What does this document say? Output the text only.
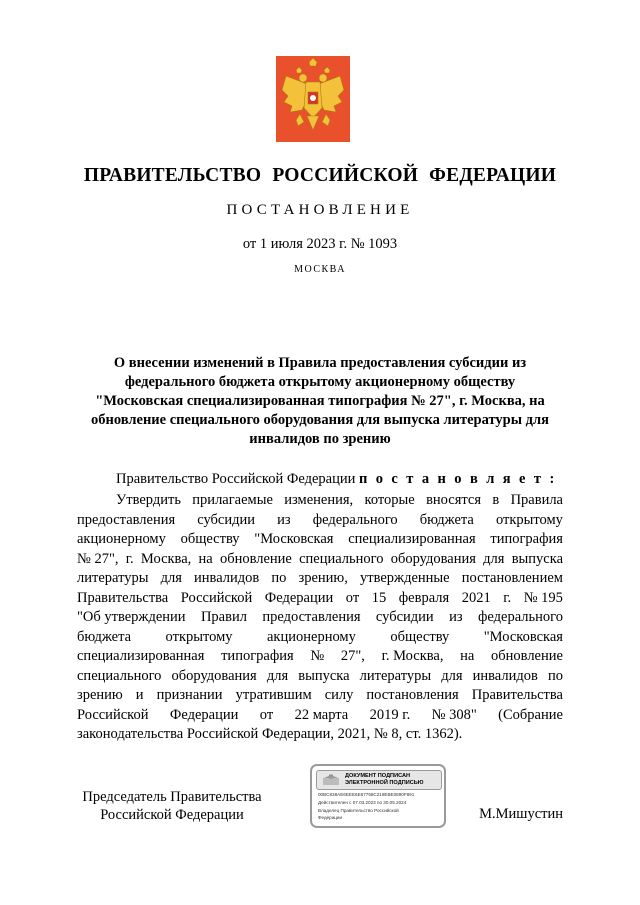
ПРАВИТЕЛЬСТВО РОССИЙСКОЙ ФЕДЕРАЦИИ
ПОСТАНОВЛЕНИЕ
от 1 июля 2023 г. № 1093
МОСКВА
О внесении изменений в Правила предоставления субсидии из
федерального бюджета открытому акционерному обществу
"Московская специализированная типография № 27", г. Москва, на
обновление специального оборудования для выпуска литературы для
инвалидов по зрению
Правительство Российской Федерации п о с т а н о в л я е т :
Утвердить прилагаемые изменения, которые вносятся в Правила
предоставления субсидии из федерального бюджета открытому
акционерному обществу "Московская специализированная типография
№ 27", г. Москва, на обновление специального оборудования для выпуска
литературы для инвалидов по зрению, утвержденные постановлением
Правительства Российской Федерации от 15 февраля 2021 г. № 195
"Об утверждении Правил предоставления субсидии из федерального
бюджета открытому акционерному обществу "Московская
специализированная типография № 27", г. Москва, на обновление
специального оборудования для выпуска литературы для инвалидов по
зрению и признании утратившим силу постановления Правительства
Российской Федерации от 22 марта 2019 г. № 308" (Собрание
законодательства Российской Федерации, 2021, № 8, ст. 1362).
Председатель Правительства
Российской Федерации
ДОКУМЕНТ ПОДПИСАН
ЭЛЕКТРОННОЙ ПОДПИСЬЮ
00BC838AE6EEE6E67758C219EBE0890F891
Действителен с 07.03.2023 по 30.05.2024
Владелец Правительство Российской
Федерации	М.Мишустин
